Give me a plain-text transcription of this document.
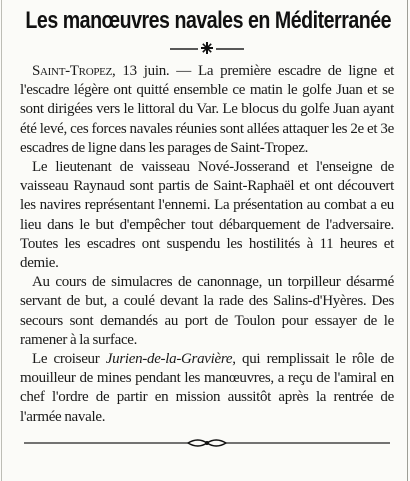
Les manœuvres navales en Méditerranée

Saint-Tropez, 13 juin. — La première escadre de ligne et l'escadre légère ont quitté ensemble ce matin le golfe Juan et se sont dirigées vers le littoral du Var. Le blocus du golfe Juan ayant été levé, ces forces navales réunies sont allées attaquer les 2e et 3e escadres de ligne dans les parages de Saint-Tropez.

Le lieutenant de vaisseau Nové-Josserand et l'enseigne de vaisseau Raynaud sont partis de Saint-Raphaël et ont découvert les navires représentant l'ennemi. La présentation au combat a eu lieu dans le but d'empêcher tout débarquement de l'adversaire. Toutes les escadres ont suspendu les hostilités à 11 heures et demie.

Au cours de simulacres de canonnage, un torpilleur désarmé servant de but, a coulé devant la rade des Salins-d'Hyères. Des secours sont demandés au port de Toulon pour essayer de le ramener à la surface.

Le croiseur Jurien-de-la-Gravière, qui remplissait le rôle de mouilleur de mines pendant les manœuvres, a reçu de l'amiral en chef l'ordre de partir en mission aussitôt après la rentrée de l'armée navale.
